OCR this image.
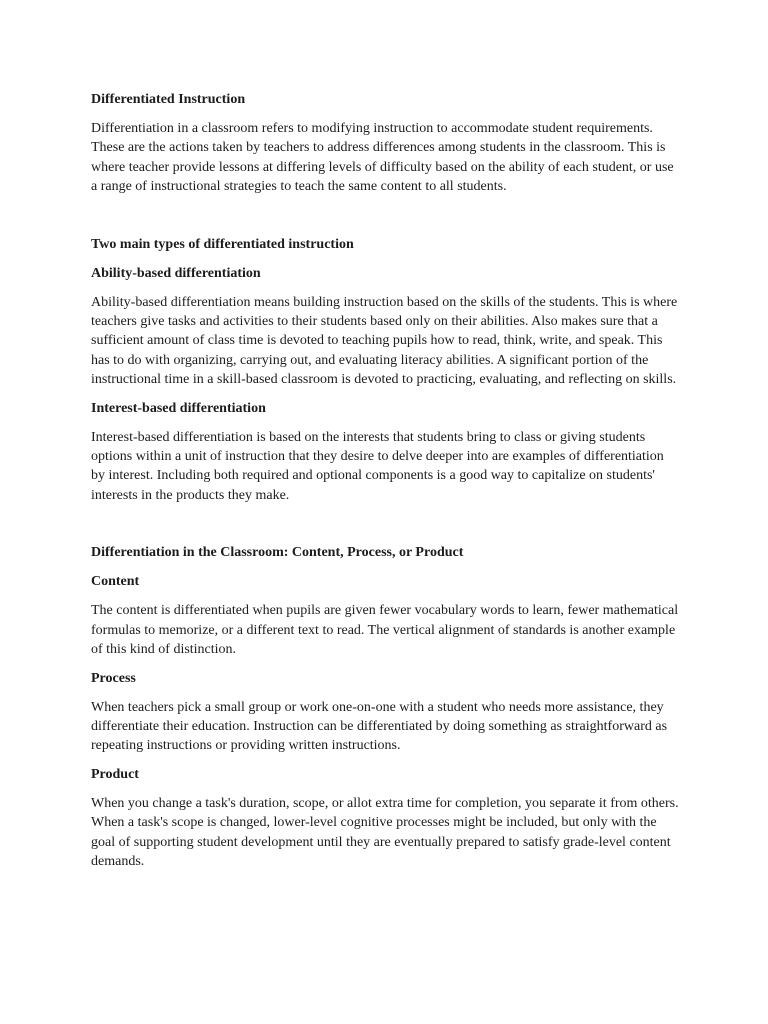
Differentiated Instruction
Differentiation in a classroom refers to modifying instruction to accommodate student requirements. These are the actions taken by teachers to address differences among students in the classroom. This is where teacher provide lessons at differing levels of difficulty based on the ability of each student, or use a range of instructional strategies to teach the same content to all students.
Two main types of differentiated instruction
Ability-based differentiation
Ability-based differentiation means building instruction based on the skills of the students. This is where teachers give tasks and activities to their students based only on their abilities. Also makes sure that a sufficient amount of class time is devoted to teaching pupils how to read, think, write, and speak. This has to do with organizing, carrying out, and evaluating literacy abilities. A significant portion of the instructional time in a skill-based classroom is devoted to practicing, evaluating, and reflecting on skills.
Interest-based differentiation
Interest-based differentiation is based on the interests that students bring to class or giving students options within a unit of instruction that they desire to delve deeper into are examples of differentiation by interest. Including both required and optional components is a good way to capitalize on students' interests in the products they make.
Differentiation in the Classroom: Content, Process, or Product
Content
The content is differentiated when pupils are given fewer vocabulary words to learn, fewer mathematical formulas to memorize, or a different text to read. The vertical alignment of standards is another example of this kind of distinction.
Process
When teachers pick a small group or work one-on-one with a student who needs more assistance, they differentiate their education. Instruction can be differentiated by doing something as straightforward as repeating instructions or providing written instructions.
Product
When you change a task's duration, scope, or allot extra time for completion, you separate it from others. When a task's scope is changed, lower-level cognitive processes might be included, but only with the goal of supporting student development until they are eventually prepared to satisfy grade-level content demands.
